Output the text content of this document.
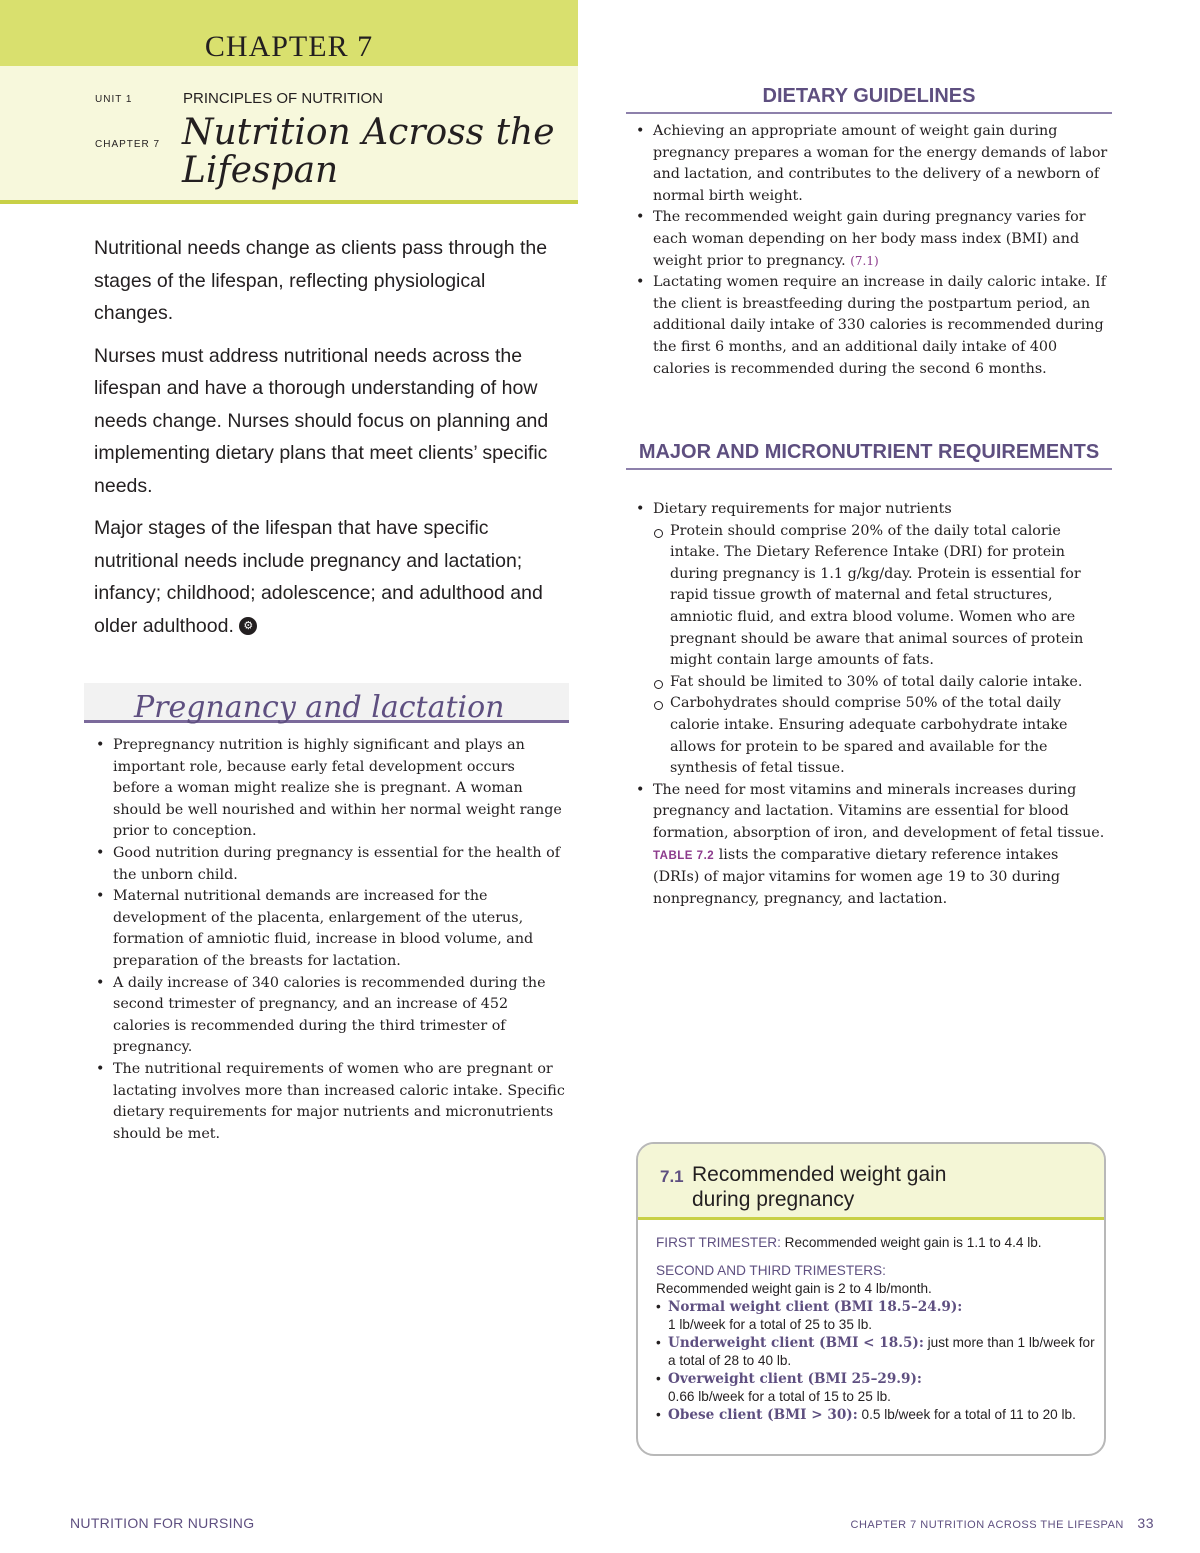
CHAPTER 7
UNIT 1	PRINCIPLES OF NUTRITION
CHAPTER 7 Nutrition Across the Lifespan

Nutritional needs change as clients pass through the stages of the lifespan, reflecting physiological changes.

Nurses must address nutritional needs across the lifespan and have a thorough understanding of how needs change. Nurses should focus on planning and implementing dietary plans that meet clients’ specific needs.

Major stages of the lifespan that have specific nutritional needs include pregnancy and lactation; infancy; childhood; adolescence; and adulthood and older adulthood. ⚙

Pregnancy and lactation
• Prepregnancy nutrition is highly significant and plays an important role, because early fetal development occurs before a woman might realize she is pregnant. A woman should be well nourished and within her normal weight range prior to conception.
• Good nutrition during pregnancy is essential for the health of the unborn child.
• Maternal nutritional demands are increased for the development of the placenta, enlargement of the uterus, formation of amniotic fluid, increase in blood volume, and preparation of the breasts for lactation.
• A daily increase of 340 calories is recommended during the second trimester of pregnancy, and an increase of 452 calories is recommended during the third trimester of pregnancy.
• The nutritional requirements of women who are pregnant or lactating involves more than increased caloric intake. Specific dietary requirements for major nutrients and micronutrients should be met.
DIETARY GUIDELINES
• Achieving an appropriate amount of weight gain during pregnancy prepares a woman for the energy demands of labor and lactation, and contributes to the delivery of a newborn of normal birth weight.
• The recommended weight gain during pregnancy varies for each woman depending on her body mass index (BMI) and weight prior to pregnancy. (7.1)
• Lactating women require an increase in daily caloric intake. If the client is breastfeeding during the postpartum period, an additional daily intake of 330 calories is recommended during the first 6 months, and an additional daily intake of 400 calories is recommended during the second 6 months.
MAJOR AND MICRONUTRIENT REQUIREMENTS
• Dietary requirements for major nutrients
Protein should comprise 20% of the daily total calorie intake. The Dietary Reference Intake (DRI) for protein during pregnancy is 1.1 g/kg/day. Protein is essential for rapid tissue growth of maternal and fetal structures, amniotic fluid, and extra blood volume. Women who are pregnant should be aware that animal sources of protein might contain large amounts of fats.
Fat should be limited to 30% of total daily calorie intake.
Carbohydrates should comprise 50% of the total daily calorie intake. Ensuring adequate carbohydrate intake allows for protein to be spared and available for the synthesis of fetal tissue.
• The need for most vitamins and minerals increases during pregnancy and lactation. Vitamins are essential for blood formation, absorption of iron, and development of fetal tissue. TABLE 7.2 lists the comparative dietary reference intakes (DRIs) of major vitamins for women age 19 to 30 during nonpregnancy, pregnancy, and lactation.
7.1 Recommended weight gain during pregnancy
FIRST TRIMESTER: Recommended weight gain is 1.1 to 4.4 lb.
SECOND AND THIRD TRIMESTERS:
Recommended weight gain is 2 to 4 lb/month.
• Normal weight client (BMI 18.5–24.9):
1 lb/week for a total of 25 to 35 lb.
• Underweight client (BMI < 18.5): just more than 1 lb/week for a total of 28 to 40 lb.
• Overweight client (BMI 25–29.9):
0.66 lb/week for a total of 15 to 25 lb.
• Obese client (BMI > 30): 0.5 lb/week for a total of 11 to 20 lb.
NUTRITION FOR NURSING	CHAPTER 7 NUTRITION ACROSS THE LIFESPAN 33
